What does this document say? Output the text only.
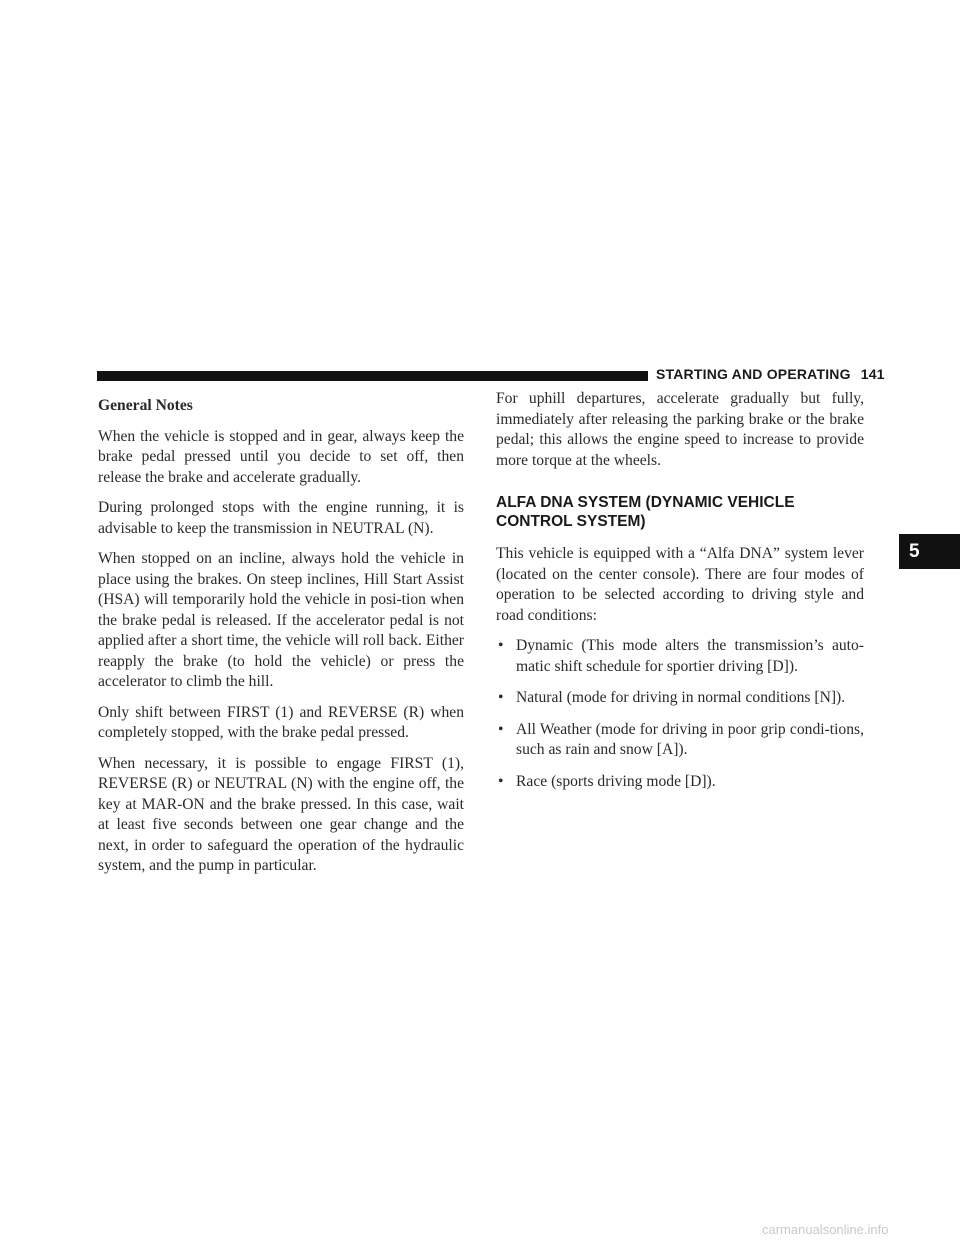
STARTING AND OPERATING 141
5

General Notes

When the vehicle is stopped and in gear, always keep the brake pedal pressed until you decide to set off, then release the brake and accelerate gradually.

During prolonged stops with the engine running, it is advisable to keep the transmission in NEUTRAL (N).

When stopped on an incline, always hold the vehicle in place using the brakes. On steep inclines, Hill Start Assist (HSA) will temporarily hold the vehicle in posi-tion when the brake pedal is released. If the accelerator pedal is not applied after a short time, the vehicle will roll back. Either reapply the brake (to hold the vehicle) or press the accelerator to climb the hill.

Only shift between FIRST (1) and REVERSE (R) when completely stopped, with the brake pedal pressed.

When necessary, it is possible to engage FIRST (1), REVERSE (R) or NEUTRAL (N) with the engine off, the key at MAR-ON and the brake pressed. In this case, wait at least five seconds between one gear change and the next, in order to safeguard the operation of the hydraulic system, and the pump in particular.

For uphill departures, accelerate gradually but fully, immediately after releasing the parking brake or the brake pedal; this allows the engine speed to increase to provide more torque at the wheels.

ALFA DNA SYSTEM (DYNAMIC VEHICLE
CONTROL SYSTEM)

This vehicle is equipped with a “Alfa DNA” system lever (located on the center console). There are four modes of operation to be selected according to driving style and road conditions:

• Dynamic (This mode alters the transmission’s auto-matic shift schedule for sportier driving [D]).
• Natural (mode for driving in normal conditions [N]).
• All Weather (mode for driving in poor grip condi-tions, such as rain and snow [A]).
• Race (sports driving mode [D]).
carmanualsonline.info
